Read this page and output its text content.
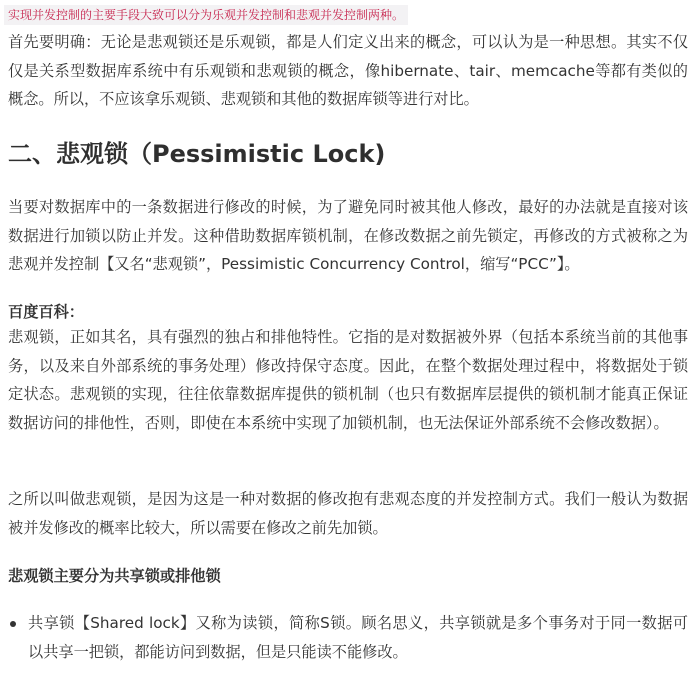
实现并发控制的主要手段大致可以分为乐观并发控制和悲观并发控制两种。

首先要明确：无论是悲观锁还是乐观锁，都是人们定义出来的概念，可以认为是一种思想。其实不仅仅是关系型数据库系统中有乐观锁和悲观锁的概念，像hibernate、tair、memcache等都有类似的概念。所以，不应该拿乐观锁、悲观锁和其他的数据库锁等进行对比。

二、悲观锁（Pessimistic Lock)

当要对数据库中的一条数据进行修改的时候，为了避免同时被其他人修改，最好的办法就是直接对该数据进行加锁以防止并发。这种借助数据库锁机制，在修改数据之前先锁定，再修改的方式被称之为悲观并发控制【又名“悲观锁”，Pessimistic Concurrency Control，缩写“PCC”】。

百度百科：

悲观锁，正如其名，具有强烈的独占和排他特性。它指的是对数据被外界（包括本系统当前的其他事务，以及来自外部系统的事务处理）修改持保守态度。因此，在整个数据处理过程中，将数据处于锁定状态。悲观锁的实现，往往依靠数据库提供的锁机制（也只有数据库层提供的锁机制才能真正保证数据访问的排他性，否则，即使在本系统中实现了加锁机制，也无法保证外部系统不会修改数据）。

之所以叫做悲观锁，是因为这是一种对数据的修改抱有悲观态度的并发控制方式。我们一般认为数据被并发修改的概率比较大，所以需要在修改之前先加锁。

悲观锁主要分为共享锁或排他锁
共享锁【Shared lock】又称为读锁，简称S锁。顾名思义，共享锁就是多个事务对于同一数据可以共享一把锁，都能访问到数据，但是只能读不能修改。
